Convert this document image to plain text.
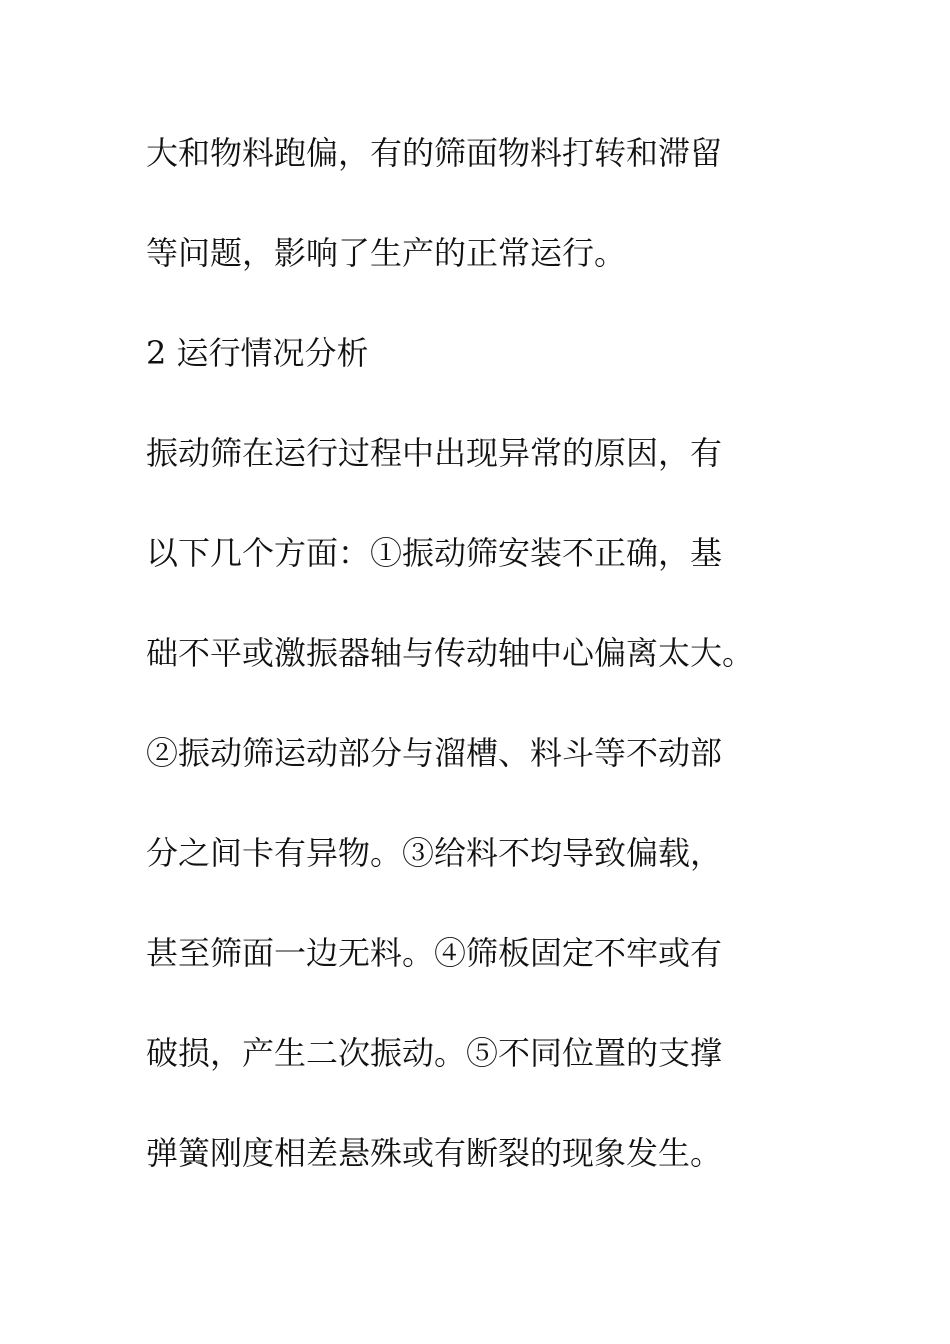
大和物料跑偏，有的筛面物料打转和滞留
等问题，影响了生产的正常运行。
2 运行情况分析
振动筛在运行过程中出现异常的原因，有
以下几个方面：①振动筛安装不正确，基
础不平或激振器轴与传动轴中心偏离太大。
②振动筛运动部分与溜槽、料斗等不动部
分之间卡有异物。③给料不均导致偏载，
甚至筛面一边无料。④筛板固定不牢或有
破损，产生二次振动。⑤不同位置的支撑
弹簧刚度相差悬殊或有断裂的现象发生。
